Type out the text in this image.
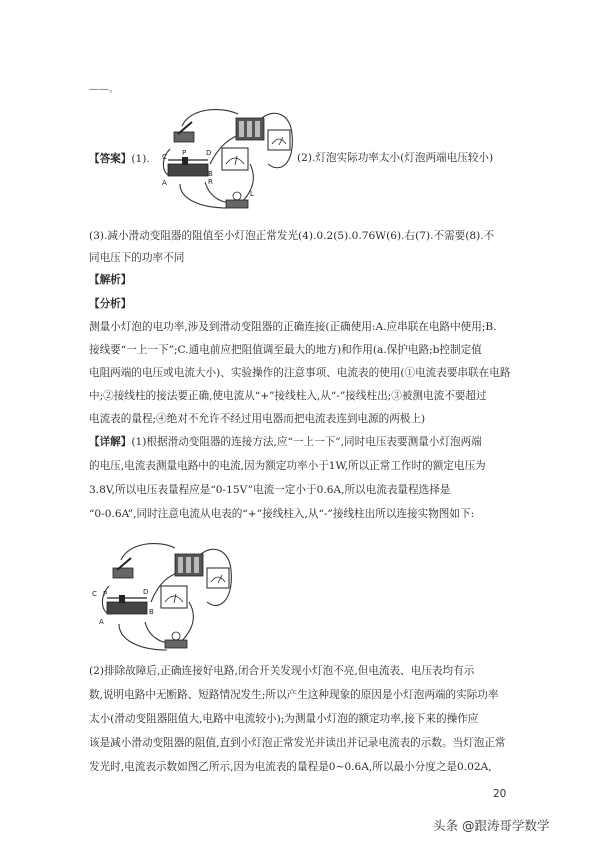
——。
C P	D
A
B
R
L
【答案】(1).	(2).灯泡实际功率太小(灯泡两端电压较小)
(3).减小滑动变阻器的阻值至小灯泡正常发光(4).0.2(5).0.76W(6).右(7).不需要(8).不
同电压下的功率不同
【解析】
【分析】
测量小灯泡的电功率,涉及到滑动变阻器的正确连接(正确使用:A.应串联在电路中使用;B.
接线要“一上一下”;C.通电前应把阻值调至最大的地方)和作用(a.保护电路;b控制定值
电阻两端的电压或电流大小)、实验操作的注意事项、电流表的使用(①电流表要串联在电路
中;②接线柱的接法要正确,使电流从“+”接线柱入,从“-”接线柱出;③被测电流不要超过
电流表的量程;④绝对不允许不经过用电器而把电流表连到电源的两极上)
【详解】(1)根据滑动变阻器的连接方法,应“一上一下”,同时电压表要测量小灯泡两端
的电压,电流表测量电路中的电流,因为额定功率小于1W,所以正常工作时的额定电压为
3.8V,所以电压表量程应是“0-15V”电流一定小于0.6A,所以电流表量程选择是
“0-0.6A”,同时注意电流从电表的“+”接线柱入,从“-”接线柱出所以连接实物图如下:
C P	D
A
B
(2)排除故障后,正确连接好电路,闭合开关发现小灯泡不亮,但电流表、电压表均有示
数,说明电路中无断路、短路情况发生;所以产生这种现象的原因是小灯泡两端的实际功率
太小(滑动变阻器阻值大,电路中电流较小);为测量小灯泡的额定功率,接下来的操作应
该是减小滑动变阻器的阻值,直到小灯泡正常发光并读出并记录电流表的示数。当灯泡正常
发光时,电流表示数如图乙所示,因为电流表的量程是0~0.6A,所以最小分度之是0.02A,
20
头条 @跟涛哥学数学
